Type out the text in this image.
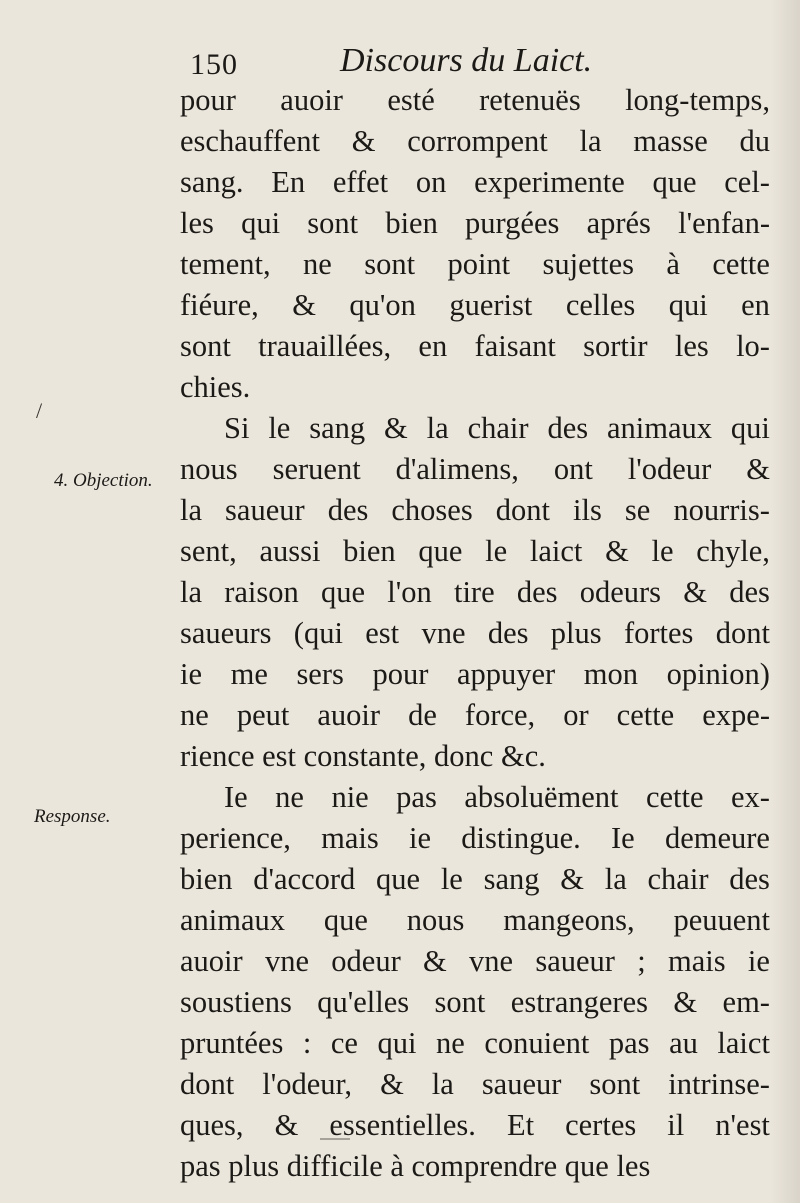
150	Discours du Laict.
4. Objection.
Response.
/
pour auoir esté retenuës long-temps,
eschauffent & corrompent la masse du
sang. En effet on experimente que cel-
les qui sont bien purgées aprés l'enfan-
tement, ne sont point sujettes à cette
fiéure, & qu'on guerist celles qui en
sont trauaillées, en faisant sortir les lo-
chies.
Si le sang & la chair des animaux qui
nous seruent d'alimens, ont l'odeur &
la saueur des choses dont ils se nourris-
sent, aussi bien que le laict & le chyle,
la raison que l'on tire des odeurs & des
saueurs (qui est vne des plus fortes dont
ie me sers pour appuyer mon opinion)
ne peut auoir de force, or cette expe-
rience est constante, donc &c.
Ie ne nie pas absoluëment cette ex-
perience, mais ie distingue. Ie demeure
bien d'accord que le sang & la chair des
animaux que nous mangeons, peuuent
auoir vne odeur & vne saueur ; mais ie
soustiens qu'elles sont estrangeres & em-
pruntées : ce qui ne conuient pas au laict
dont l'odeur, & la saueur sont intrinse-
ques, & essentielles. Et certes il n'est
pas plus difficile à comprendre que les
